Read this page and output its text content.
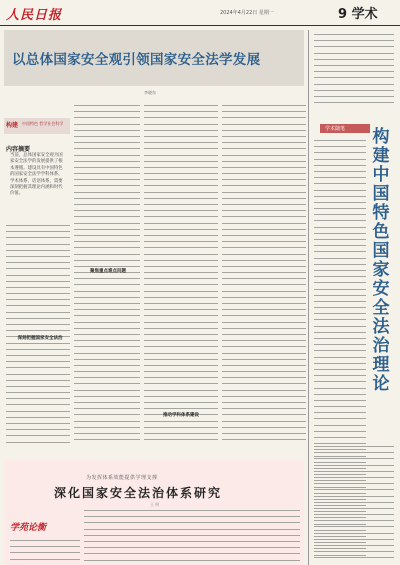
人民日报	2024年4月22日 星期一	9 学术
以总体国家安全观引领国家安全法学发展
李晓东
构建 中国特色 哲学社会科学
内容摘要
当前，总体国家安全观为国家安全法学的发展提供了根本遵循。建设具有中国特色的国家安全法学学科体系、学术体系、话语体系，需要深刻把握其理论内涵和时代价值。
深刻把握国家安全法治
聚焦重点难点问题
推动学科体系建设
学术随笔 构
建
中
国
特
色
国
家
安
全
法
治
理
论
为发挥体系效能提供学理支撑
深化国家安全法治体系研究
王 明
学苑论衡
